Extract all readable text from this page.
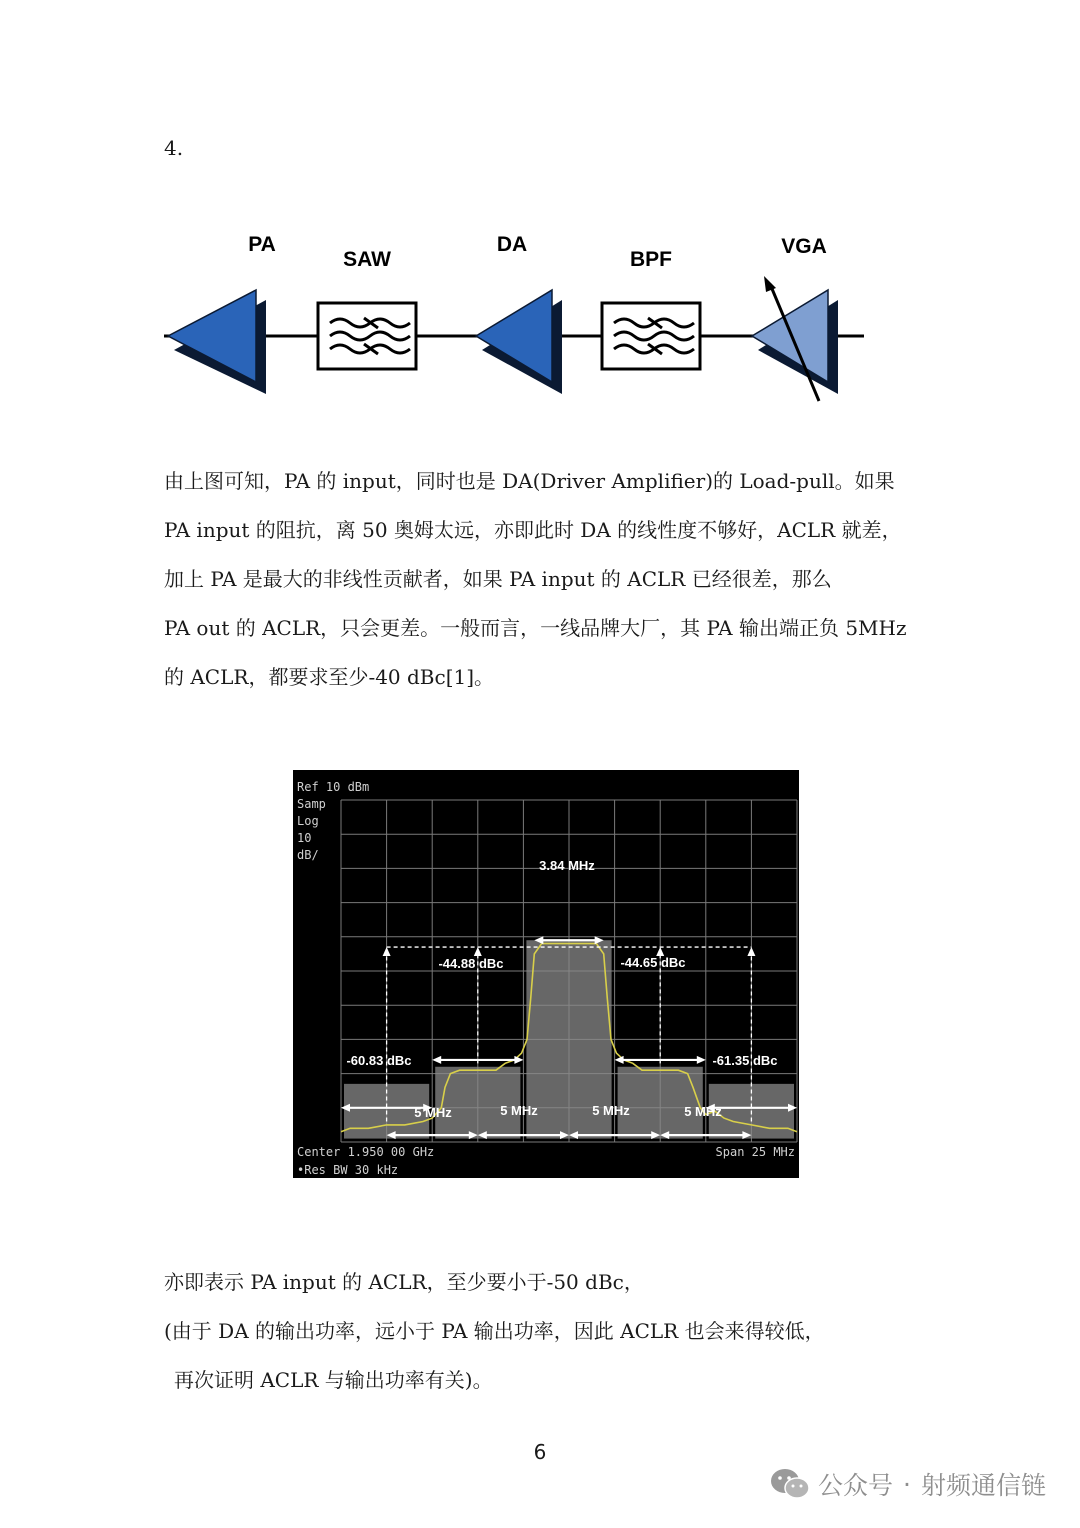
4.
PA
SAW
DA
BPF
VGA
由上图可知，PA 的 input，同时也是 DA(Driver Amplifier)的 Load-pull。如果
PA input 的阻抗，离 50 奥姆太远，亦即此时 DA 的线性度不够好，ACLR 就差，
加上 PA 是最大的非线性贡献者，如果 PA input 的 ACLR 已经很差，那么
PA out 的 ACLR，只会更差。一般而言，一线品牌大厂，其 PA 输出端正负 5MHz
的 ACLR，都要求至少-40 dBc[1]。
Ref 10 dBm
Samp
Log
10
dB/
Center 1.950 00 GHz	Span 25 MHz
•Res BW 30 kHz
3.84 MHz
-44.88 dBc	-44.65 dBc
-60.83 dBc	-61.35 dBc
5 MHz	5 MHz	5 MHz	5 MHz
亦即表示 PA input 的 ACLR，至少要小于-50 dBc，
(由于 DA 的输出功率，远小于 PA 输出功率，因此 ACLR 也会来得较低，
再次证明 ACLR 与输出功率有关)。
6
公众号 · 射频通信链
